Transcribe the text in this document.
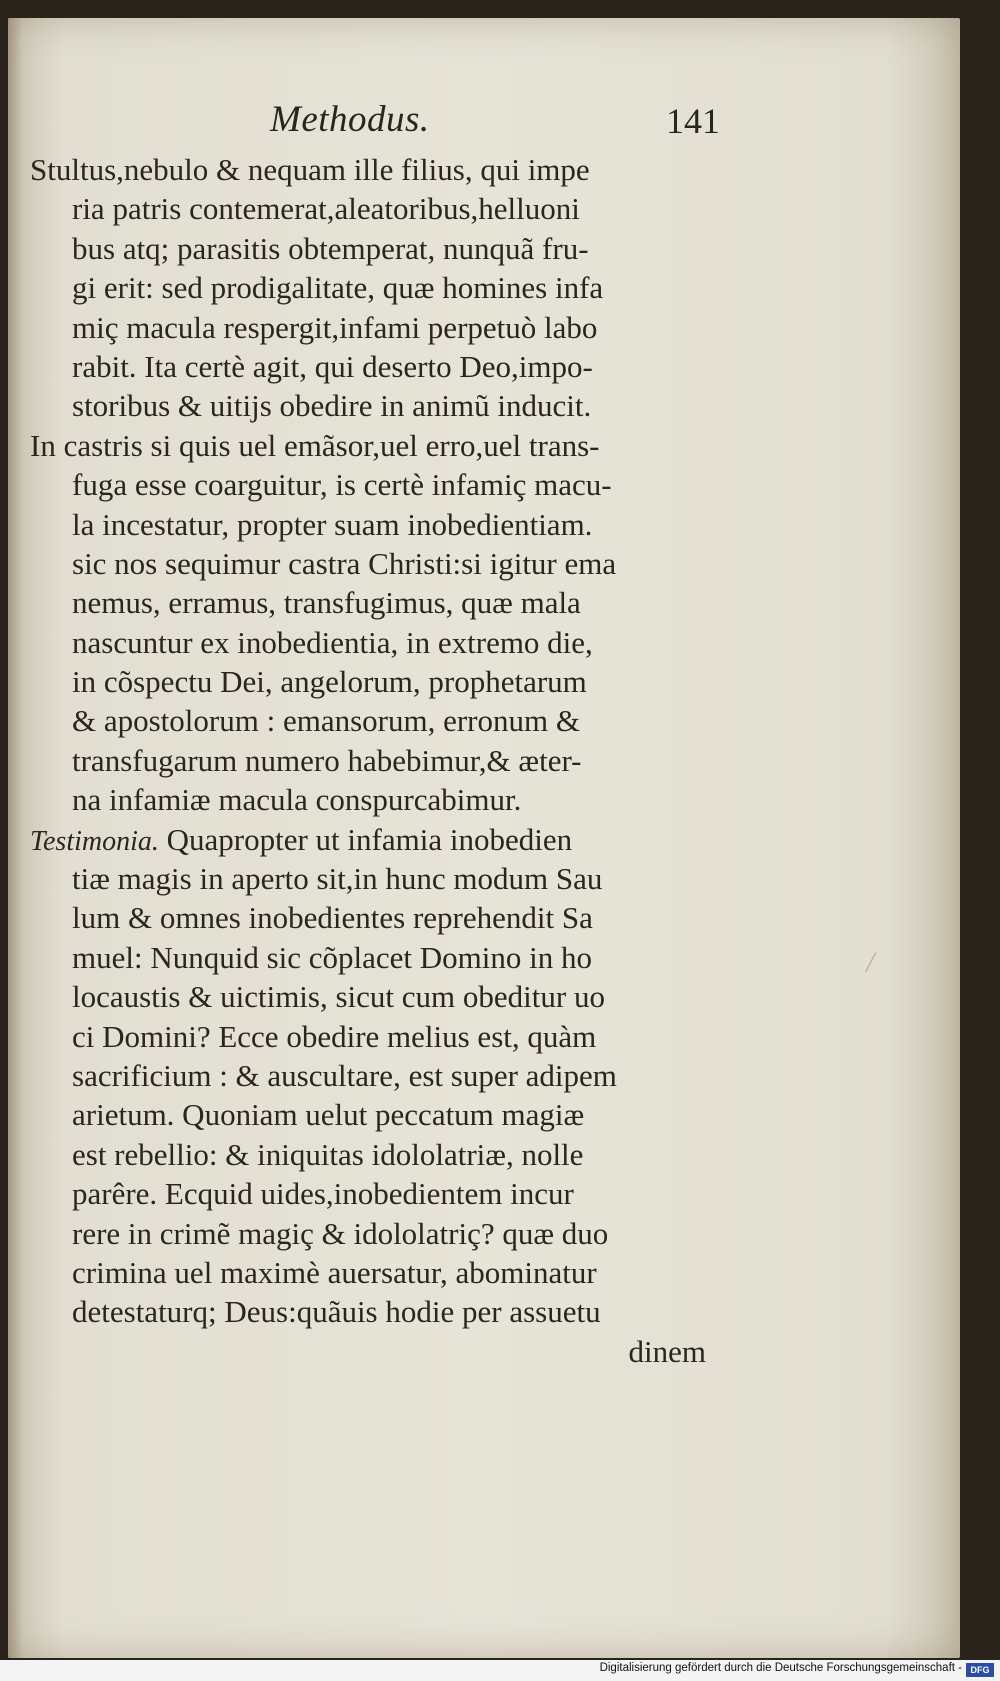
Methodus.	141
Stultus,nebulo & nequam ille filius, qui impe
ria patris contemerat,aleatoribus,helluoni
bus atq; parasitis obtemperat, nunquã fru-
gi erit: sed prodigalitate, quæ homines infa
miç macula respergit,infami perpetuò labo
rabit. Ita certè agit, qui deserto Deo,impo-
storibus & uitijs obedire in animũ inducit.
In castris si quis uel emãsor,uel erro,uel trans-
fuga esse coarguitur, is certè infamiç macu-
la incestatur, propter suam inobedientiam.
sic nos sequimur castra Christi:si igitur ema
nemus, erramus, transfugimus, quæ mala
nascuntur ex inobedientia, in extremo die,
in cõspectu Dei, angelorum, prophetarum
& apostolorum : emansorum, erronum &
transfugarum numero habebimur,& æter-
na infamiæ macula conspurcabimur.
Testimonia. Quapropter ut infamia inobedien
tiæ magis in aperto sit,in hunc modum Sau
lum & omnes inobedientes reprehendit Sa
muel: Nunquid sic cõplacet Domino in ho
locaustis & uictimis, sicut cum obeditur uo
ci Domini? Ecce obedire melius est, quàm
sacrificium : & auscultare, est super adipem
arietum. Quoniam uelut peccatum magiæ
est rebellio: & iniquitas idololatriæ, nolle
parêre. Ecquid uides,inobedientem incur
rere in crimẽ magiç & idololatriç? quæ duo
crimina uel maximè auersatur, abominatur
detestaturq; Deus:quãuis hodie per assuetu
dinem
/
Digitalisierung gefördert durch die Deutsche Forschungsgemeinschaft - DFG
